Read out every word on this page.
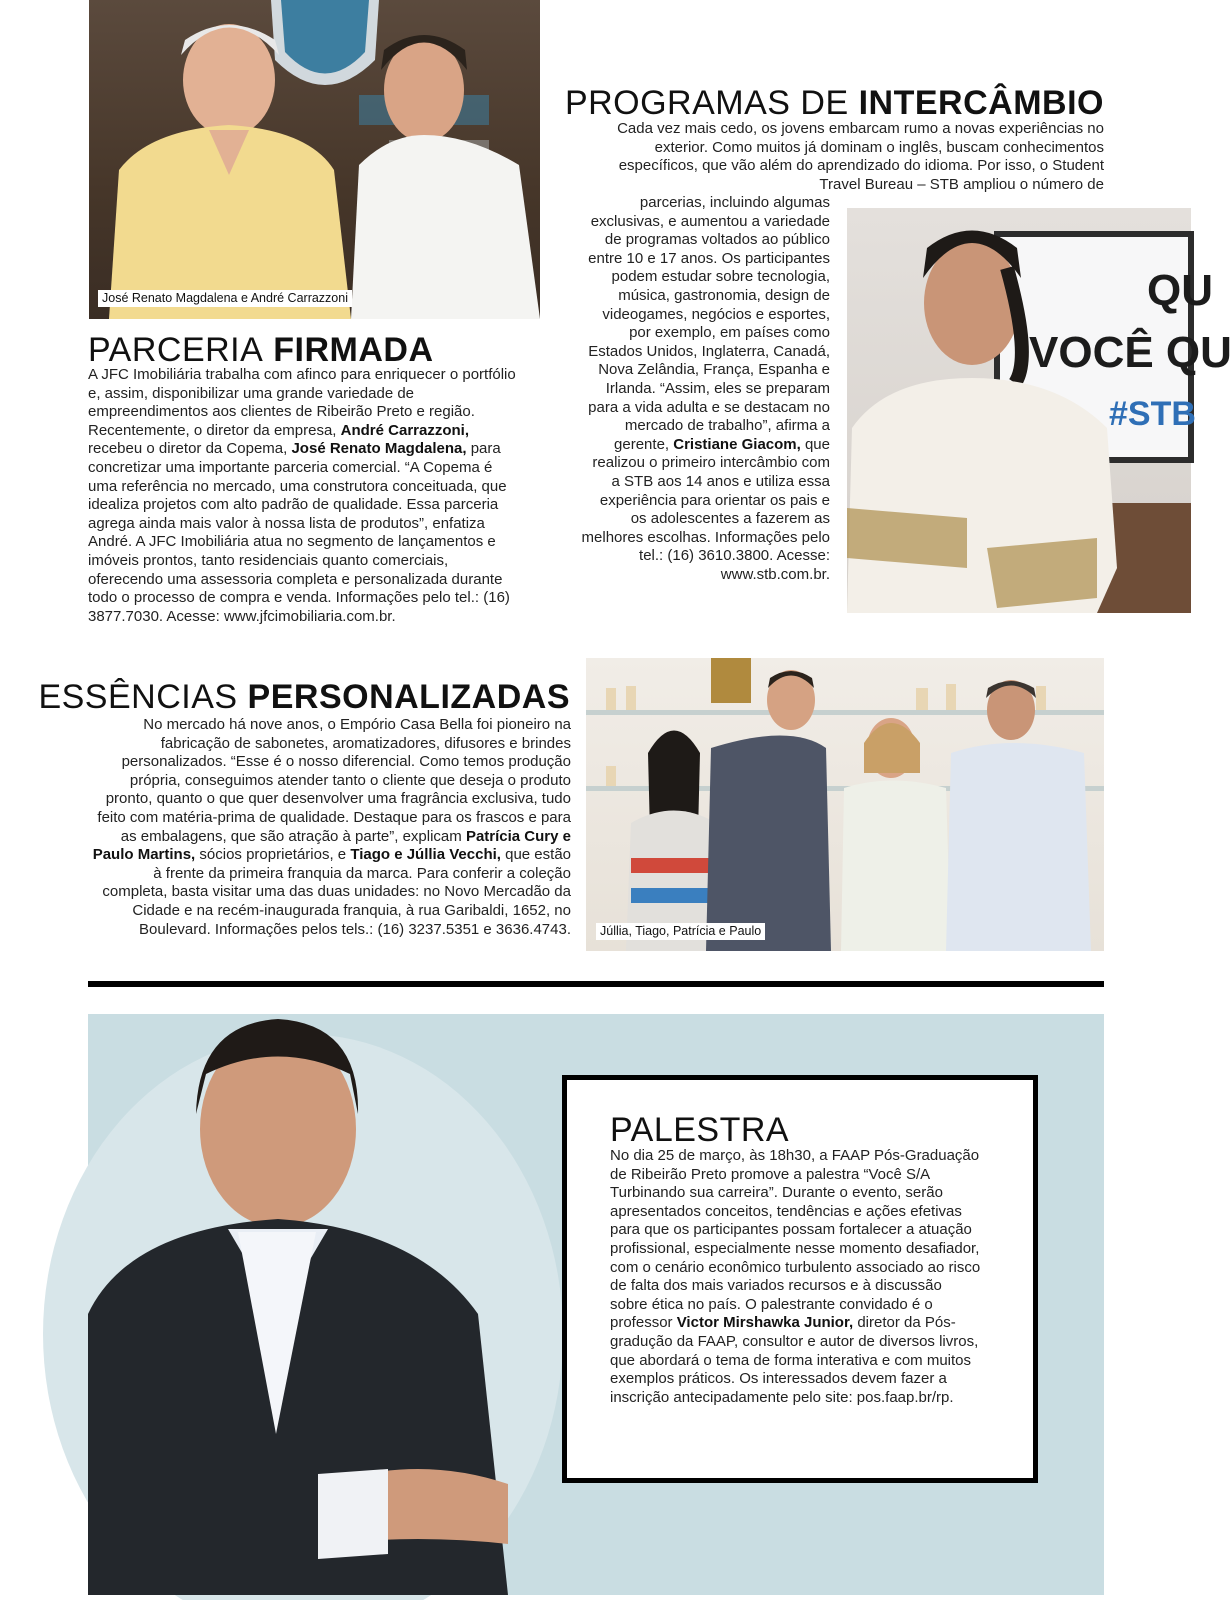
José Renato Magdalena e André Carrazzoni
PARCERIA FIRMADA
A JFC Imobiliária trabalha com afinco para enriquecer o portfólio e, assim, disponibilizar uma grande variedade de empreendimentos aos clientes de Ribeirão Preto e região. Recentemente, o diretor da empresa, André Carrazzoni, recebeu o diretor da Copema, José Renato Magdalena, para concretizar uma importante parceria comercial. “A Copema é uma referência no mercado, uma construtora conceituada, que idealiza projetos com alto padrão de qualidade. Essa parceria agrega ainda mais valor à nossa lista de produtos”, enfatiza André. A JFC Imobiliária atua no segmento de lançamentos e imóveis prontos, tanto residenciais quanto comerciais, oferecendo uma assessoria completa e personalizada durante todo o processo de compra e venda. Informações pelo tel.: (16) 3877.7030. Acesse: www.jfcimobiliaria.com.br.
PROGRAMAS DE INTERCÂMBIO
Cada vez mais cedo, os jovens embarcam rumo a novas experiências no exterior. Como muitos já dominam o inglês, buscam conhecimentos específicos, que vão além do aprendizado do idioma. Por isso, o Student Travel Bureau – STB ampliou o número de
parcerias, incluindo algumas exclusivas, e aumentou a variedade de programas voltados ao público entre 10 e 17 anos. Os participantes podem estudar sobre tecnologia, música, gastronomia, design de videogames, negócios e esportes, por exemplo, em países como Estados Unidos, Inglaterra, Canadá, Nova Zelândia, França, Espanha e Irlanda. “Assim, eles se preparam para a vida adulta e se destacam no mercado de trabalho”, afirma a gerente, Cristiane Giacom, que realizou o primeiro intercâmbio com a STB aos 14 anos e utiliza essa experiência para orientar os pais e os adolescentes a fazerem as melhores escolhas. Informações pelo tel.: (16) 3610.3800. Acesse: www.stb.com.br.
QU
VOCÊ QU
#STB
ESSÊNCIAS PERSONALIZADAS
No mercado há nove anos, o Empório Casa Bella foi pioneiro na fabricação de sabonetes, aromatizadores, difusores e brindes personalizados. “Esse é o nosso diferencial. Como temos produção própria, conseguimos atender tanto o cliente que deseja o produto pronto, quanto o que quer desenvolver uma fragrância exclusiva, tudo feito com matéria-prima de qualidade. Destaque para os frascos e para as embalagens, que são atração à parte”, explicam Patrícia Cury e Paulo Martins, sócios proprietários, e Tiago e Júllia Vecchi, que estão à frente da primeira franquia da marca. Para conferir a coleção completa, basta visitar uma das duas unidades: no Novo Mercadão da Cidade e na recém-inaugurada franquia, à rua Garibaldi, 1652, no Boulevard. Informações pelos tels.: (16) 3237.5351 e 3636.4743.	Júllia, Tiago, Patrícia e Paulo
PALESTRA
No dia 25 de março, às 18h30, a FAAP Pós-Graduação de Ribeirão Preto promove a palestra “Você S/A Turbinando sua carreira”. Durante o evento, serão apresentados conceitos, tendências e ações efetivas para que os participantes possam fortalecer a atuação profissional, especialmente nesse momento desafiador, com o cenário econômico turbulento associado ao risco de falta dos mais variados recursos e à discussão sobre ética no país. O palestrante convidado é o professor Victor Mirshawka Junior, diretor da Pós-gradução da FAAP, consultor e autor de diversos livros, que abordará o tema de forma interativa e com muitos exemplos práticos. Os interessados devem fazer a inscrição antecipadamente pelo site: pos.faap.br/rp.
